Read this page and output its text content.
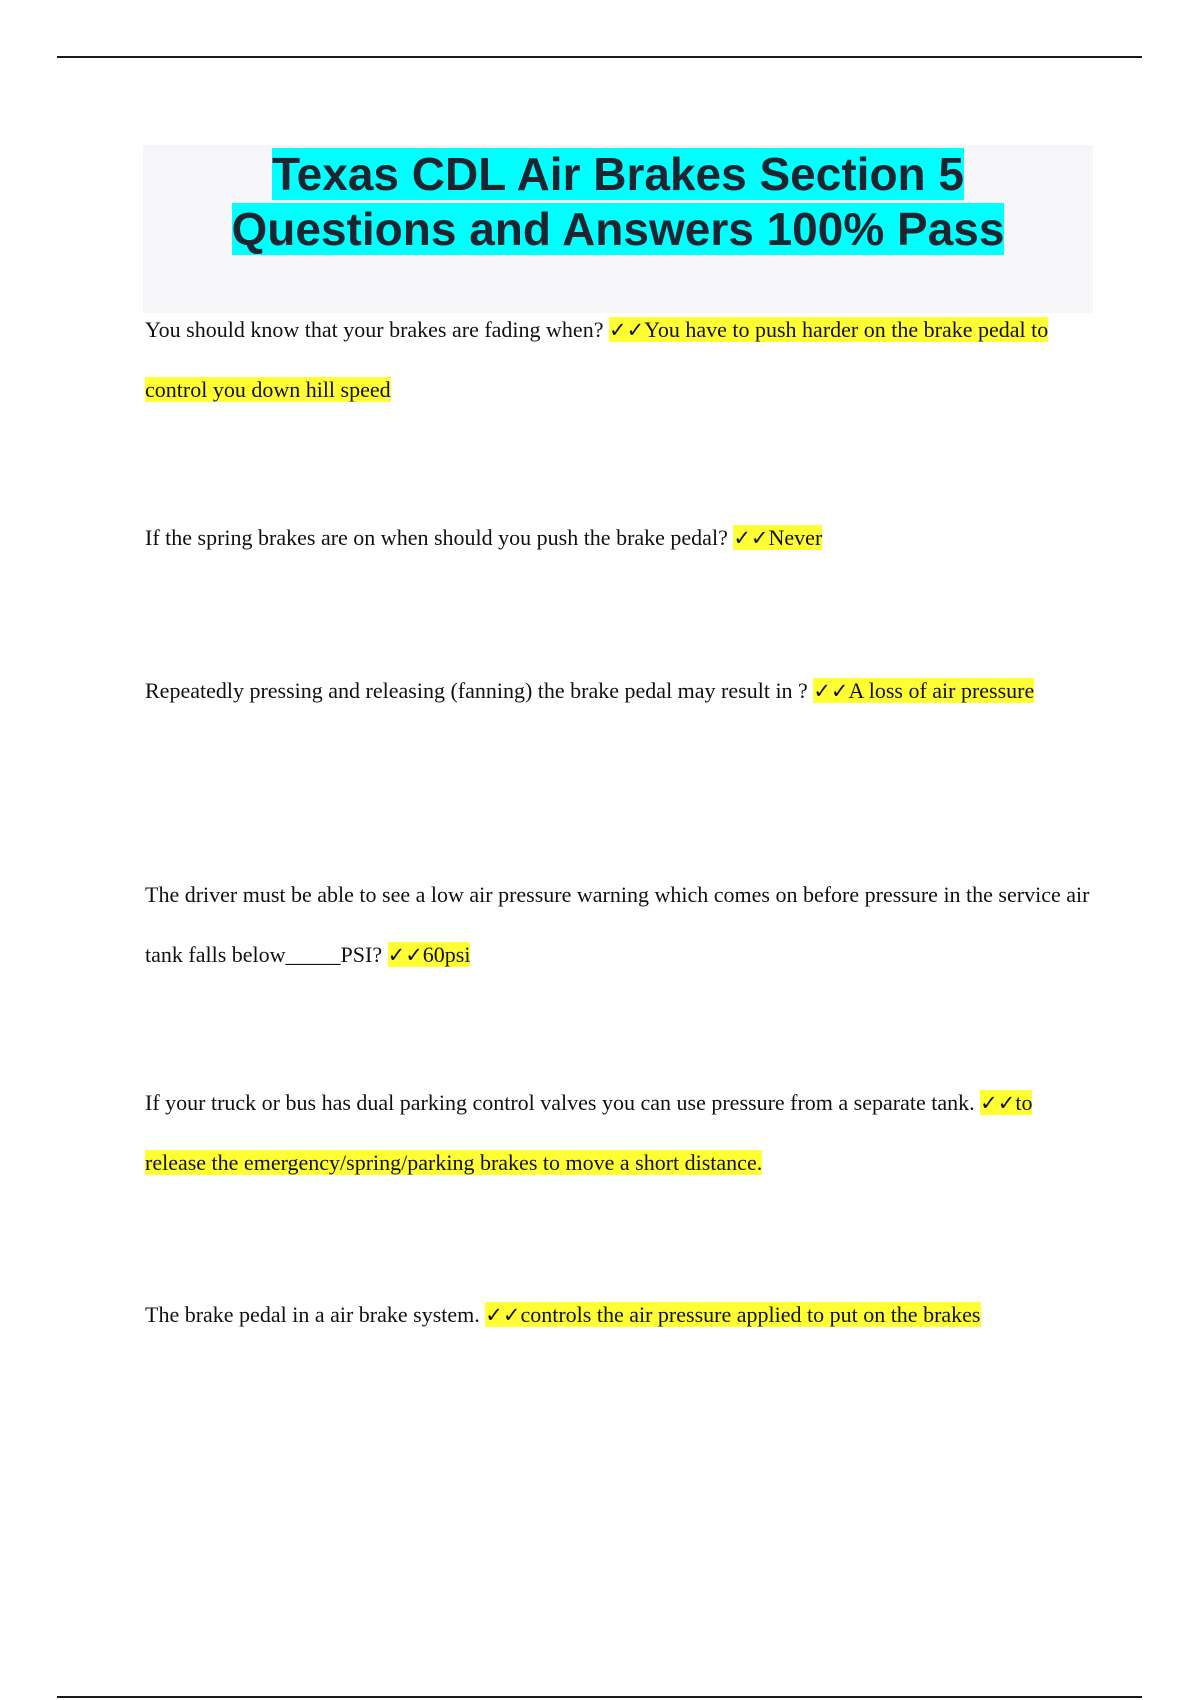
Texas CDL Air Brakes Section 5
Questions and Answers 100% Pass

You should know that your brakes are fading when? ✓✓You have to push harder on the brake pedal to control you down hill speed

If the spring brakes are on when should you push the brake pedal? ✓✓Never

Repeatedly pressing and releasing (fanning) the brake pedal may result in ? ✓✓A loss of air pressure

The driver must be able to see a low air pressure warning which comes on before pressure in the service air tank falls below_____PSI? ✓✓60psi

If your truck or bus has dual parking control valves you can use pressure from a separate tank. ✓✓to release the emergency/spring/parking brakes to move a short distance.

The brake pedal in a air brake system. ✓✓controls the air pressure applied to put on the brakes
